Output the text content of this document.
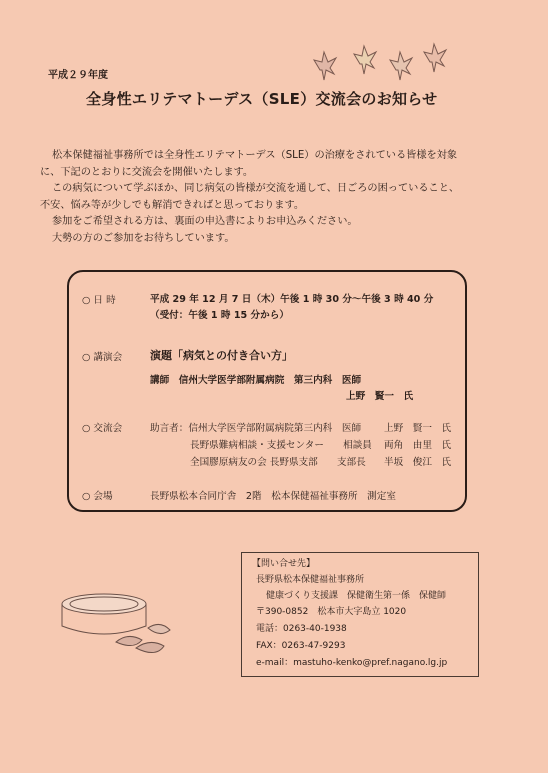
平成２９年度
全身性エリテマトーデス（SLE）交流会のお知らせ

松本保健福祉事務所では全身性エリテマトーデス（SLE）の治療をされている皆様を対象

に、下記のとおりに交流会を開催いたします。

この病気について学ぶほか、同じ病気の皆様が交流を通して、日ごろの困っていること、

不安、悩み等が少しでも解消できればと思っております。

参加をご希望される方は、裏面の申込書によりお申込みください。

大勢の方のご参加をお待ちしています。

○ 日 時	平成 29 年 12 月 7 日（木）午後 1 時 30 分～午後 3 時 40 分
（受付：午後 1 時 15 分から）
○ 講演会	演題「病気との付き合い方」
講師　信州大学医学部附属病院　第三内科　医師
上野　賢一　氏
○ 交流会	助言者：信州大学医学部附属病院第三内科　医師 上野　賢一　氏
長野県難病相談・支援センター　　相談員 両角　由里　氏
全国膠原病友の会 長野県支部　　支部長 半坂　俊江　氏
○ 会場	長野県松本合同庁舎　2階　松本保健福祉事務所　測定室
【問い合せ先】
長野県松本保健福祉事務所
健康づくり支援課　保健衛生第一係　保健師
〒390-0852　松本市大字島立 1020
電話：0263-40-1938
FAX：0263-47-9293
e-mail：mastuho-kenko@pref.nagano.lg.jp
